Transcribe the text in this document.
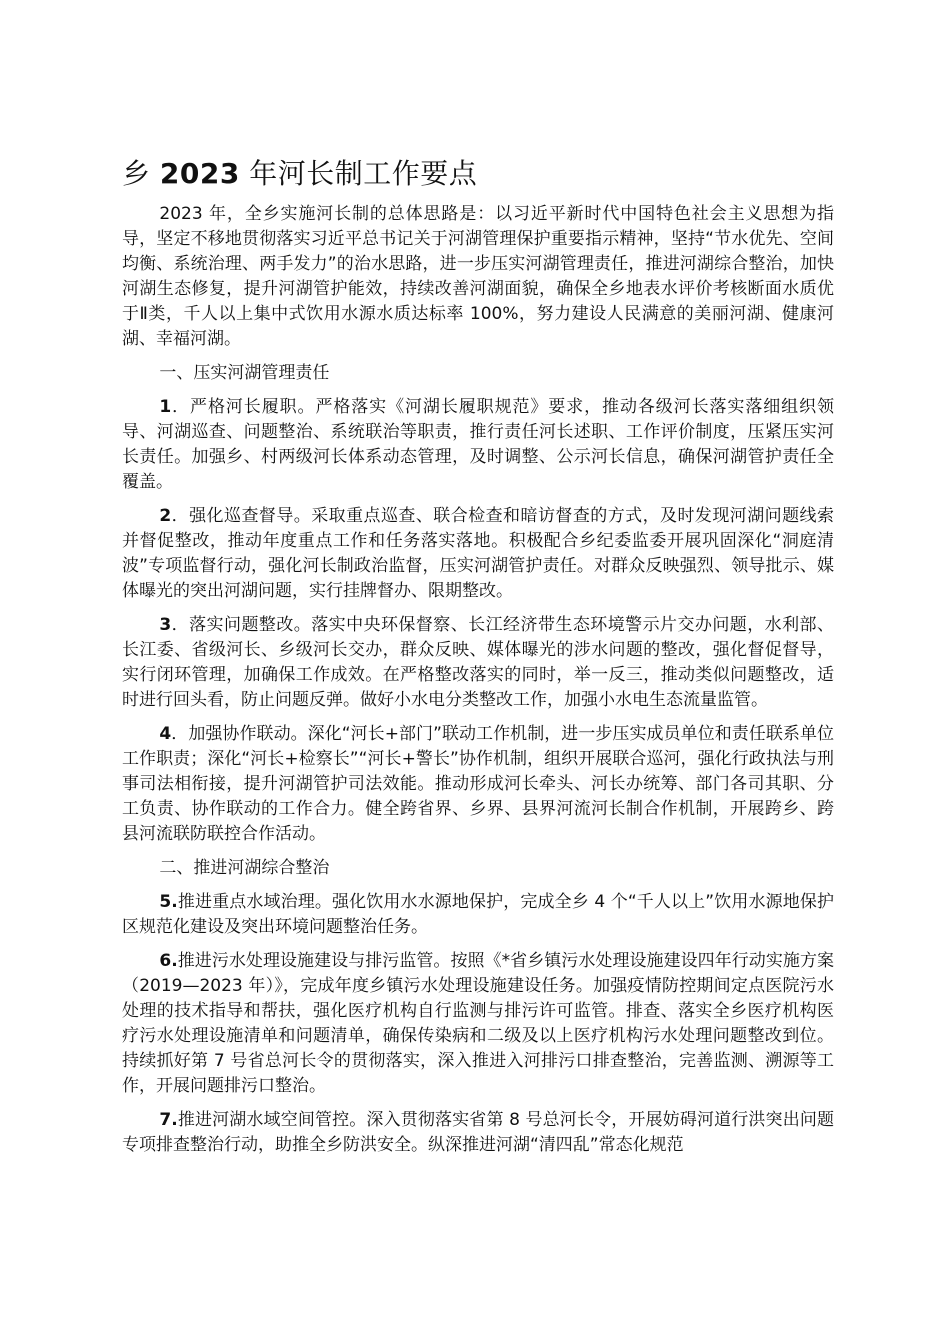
乡 2023 年河长制工作要点

2023 年，全乡实施河长制的总体思路是：以习近平新时代中国特色社会主义思想为指导，坚定不移地贯彻落实习近平总书记关于河湖管理保护重要指示精神，坚持“节水优先、空间均衡、系统治理、两手发力”的治水思路，进一步压实河湖管理责任，推进河湖综合整治，加快河湖生态修复，提升河湖管护能效，持续改善河湖面貌，确保全乡地表水评价考核断面水质优于Ⅱ类，千人以上集中式饮用水源水质达标率 100%，努力建设人民满意的美丽河湖、健康河湖、幸福河湖。

一、压实河湖管理责任

1．严格河长履职。严格落实《河湖长履职规范》要求，推动各级河长落实落细组织领导、河湖巡查、问题整治、系统联治等职责，推行责任河长述职、工作评价制度，压紧压实河长责任。加强乡、村两级河长体系动态管理，及时调整、公示河长信息，确保河湖管护责任全覆盖。

2．强化巡查督导。采取重点巡查、联合检查和暗访督查的方式，及时发现河湖问题线索并督促整改，推动年度重点工作和任务落实落地。积极配合乡纪委监委开展巩固深化“洞庭清波”专项监督行动，强化河长制政治监督，压实河湖管护责任。对群众反映强烈、领导批示、媒体曝光的突出河湖问题，实行挂牌督办、限期整改。

3．落实问题整改。落实中央环保督察、长江经济带生态环境警示片交办问题，水利部、长江委、省级河长、乡级河长交办，群众反映、媒体曝光的涉水问题的整改，强化督促督导，实行闭环管理，加确保工作成效。在严格整改落实的同时，举一反三，推动类似问题整改，适时进行回头看，防止问题反弹。做好小水电分类整改工作，加强小水电生态流量监管。

4．加强协作联动。深化“河长+部门”联动工作机制，进一步压实成员单位和责任联系单位工作职责；深化“河长+检察长”“河长+警长”协作机制，组织开展联合巡河，强化行政执法与刑事司法相衔接，提升河湖管护司法效能。推动形成河长牵头、河长办统筹、部门各司其职、分工负责、协作联动的工作合力。健全跨省界、乡界、县界河流河长制合作机制，开展跨乡、跨县河流联防联控合作活动。

二、推进河湖综合整治

5.推进重点水域治理。强化饮用水水源地保护，完成全乡 4 个“千人以上”饮用水源地保护区规范化建设及突出环境问题整治任务。

6.推进污水处理设施建设与排污监管。按照《*省乡镇污水处理设施建设四年行动实施方案（2019—2023 年）》，完成年度乡镇污水处理设施建设任务。加强疫情防控期间定点医院污水处理的技术指导和帮扶，强化医疗机构自行监测与排污许可监管。排查、落实全乡医疗机构医疗污水处理设施清单和问题清单，确保传染病和二级及以上医疗机构污水处理问题整改到位。持续抓好第 7 号省总河长令的贯彻落实，深入推进入河排污口排查整治，完善监测、溯源等工作，开展问题排污口整治。

7.推进河湖水域空间管控。深入贯彻落实省第 8 号总河长令，开展妨碍河道行洪突出问题专项排查整治行动，助推全乡防洪安全。纵深推进河湖“清四乱”常态化规范
